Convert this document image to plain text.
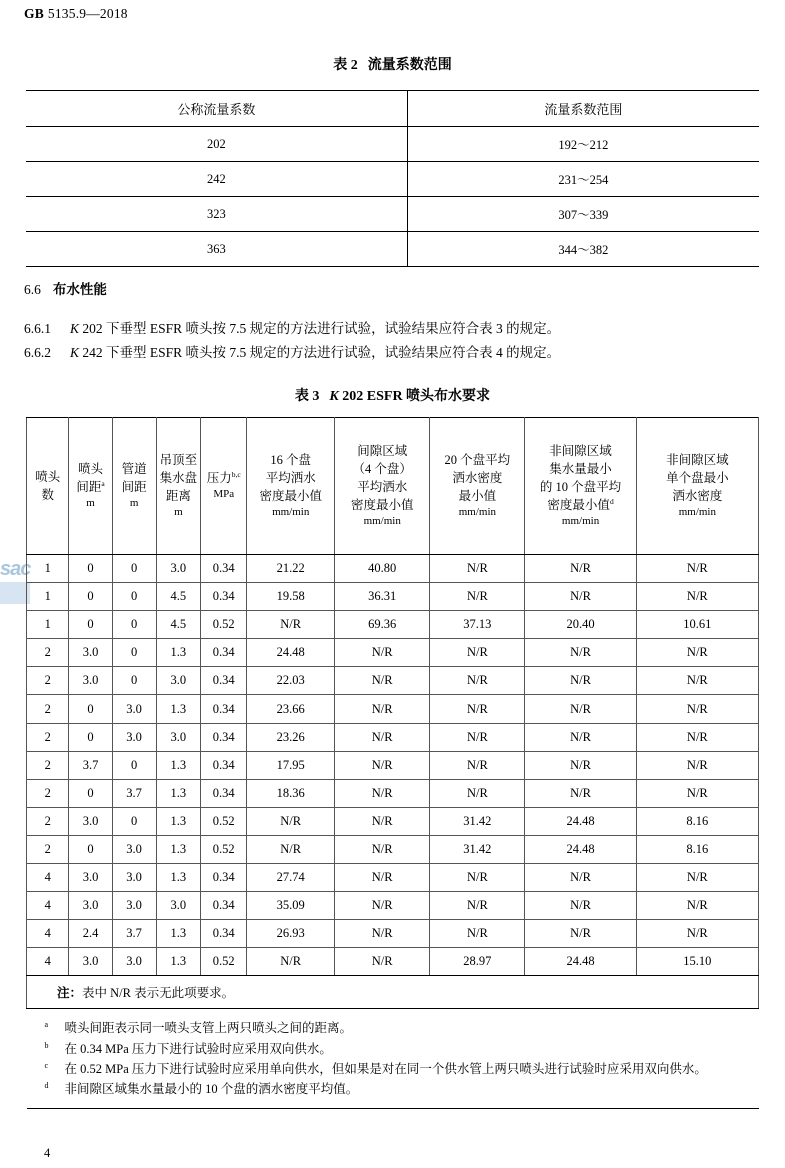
GB 5135.9—2018
sac
表 2 流量系数范围
公称流量系数	流量系数范围
202	192～212
242	231～254
323	307～339
363	344～382
6.6 布水性能
6.6.1 K 202 下垂型 ESFR 喷头按 7.5 规定的方法进行试验，试验结果应符合表 3 的规定。
6.6.2 K 242 下垂型 ESFR 喷头按 7.5 规定的方法进行试验，试验结果应符合表 4 的规定。
表 3 K 202 ESFR 喷头布水要求
喷头
数

喷头
间距$^a$
m

管道
间距
m

吊顶至
集水盘
距离
m

压力$^{b,c}$
MPa

16 个盘
平均洒水
密度最小值
mm/min

间隙区域
（4 个盘）
平均洒水
密度最小值
mm/min

20 个盘平均
洒水密度
最小值
mm/min

非间隙区域
集水量最小
的 10 个盘平均
密度最小值$^d$
mm/min

非间隙区域
单个盘最小
洒水密度
mm/min

1	0	0	3.0	0.34	21.22	40.80	N/R	N/R	N/R
1	0	0	4.5	0.34	19.58	36.31	N/R	N/R	N/R
1	0	0	4.5	0.52	N/R	69.36	37.13	20.40	10.61
2	3.0	0	1.3	0.34	24.48	N/R	N/R	N/R	N/R
2	3.0	0	3.0	0.34	22.03	N/R	N/R	N/R	N/R
2	0	3.0	1.3	0.34	23.66	N/R	N/R	N/R	N/R
2	0	3.0	3.0	0.34	23.26	N/R	N/R	N/R	N/R
2	3.7	0	1.3	0.34	17.95	N/R	N/R	N/R	N/R
2	0	3.7	1.3	0.34	18.36	N/R	N/R	N/R	N/R
2	3.0	0	1.3	0.52	N/R	N/R	31.42	24.48	8.16
2	0	3.0	1.3	0.52	N/R	N/R	31.42	24.48	8.16
4	3.0	3.0	1.3	0.34	27.74	N/R	N/R	N/R	N/R
4	3.0	3.0	3.0	0.34	35.09	N/R	N/R	N/R	N/R
4	2.4	3.7	1.3	0.34	26.93	N/R	N/R	N/R	N/R
4	3.0	3.0	1.3	0.52	N/R	N/R	28.97	24.48	15.10
注：表中 N/R 表示无此项要求。									

a 喷头间距表示同一喷头支管上两只喷头之间的距离。
b 在 0.34 MPa 压力下进行试验时应采用双向供水。
c 在 0.52 MPa 压力下进行试验时应采用单向供水，但如果是对在同一个供水管上两只喷头进行试验时应采用双向供水。
d 非间隙区域集水量最小的 10 个盘的洒水密度平均值。									
4
